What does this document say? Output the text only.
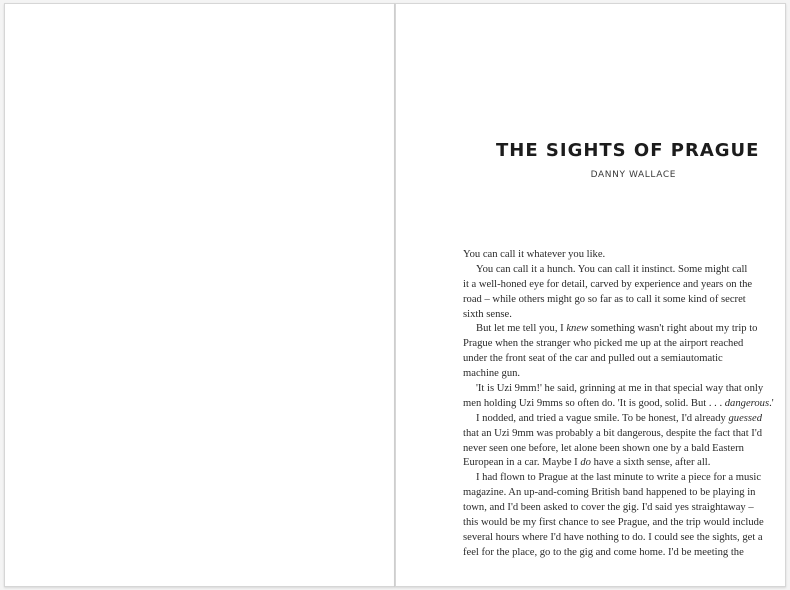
THE SIGHTS OF PRAGUE
DANNY WALLACE
You can call it whatever you like.
You can call it a hunch. You can call it instinct. Some might call
it a well-honed eye for detail, carved by experience and years on the
road – while others might go so far as to call it some kind of secret
sixth sense.
But let me tell you, I knew something wasn't right about my trip to
Prague when the stranger who picked me up at the airport reached
under the front seat of the car and pulled out a semiautomatic
machine gun.
'It is Uzi 9mm!' he said, grinning at me in that special way that only
men holding Uzi 9mms so often do. 'It is good, solid. But . . . dangerous.'
I nodded, and tried a vague smile. To be honest, I'd already guessed
that an Uzi 9mm was probably a bit dangerous, despite the fact that I'd
never seen one before, let alone been shown one by a bald Eastern
European in a car. Maybe I do have a sixth sense, after all.
I had flown to Prague at the last minute to write a piece for a music
magazine. An up-and-coming British band happened to be playing in
town, and I'd been asked to cover the gig. I'd said yes straightaway –
this would be my first chance to see Prague, and the trip would include
several hours where I'd have nothing to do. I could see the sights, get a
feel for the place, go to the gig and come home. I'd be meeting the
